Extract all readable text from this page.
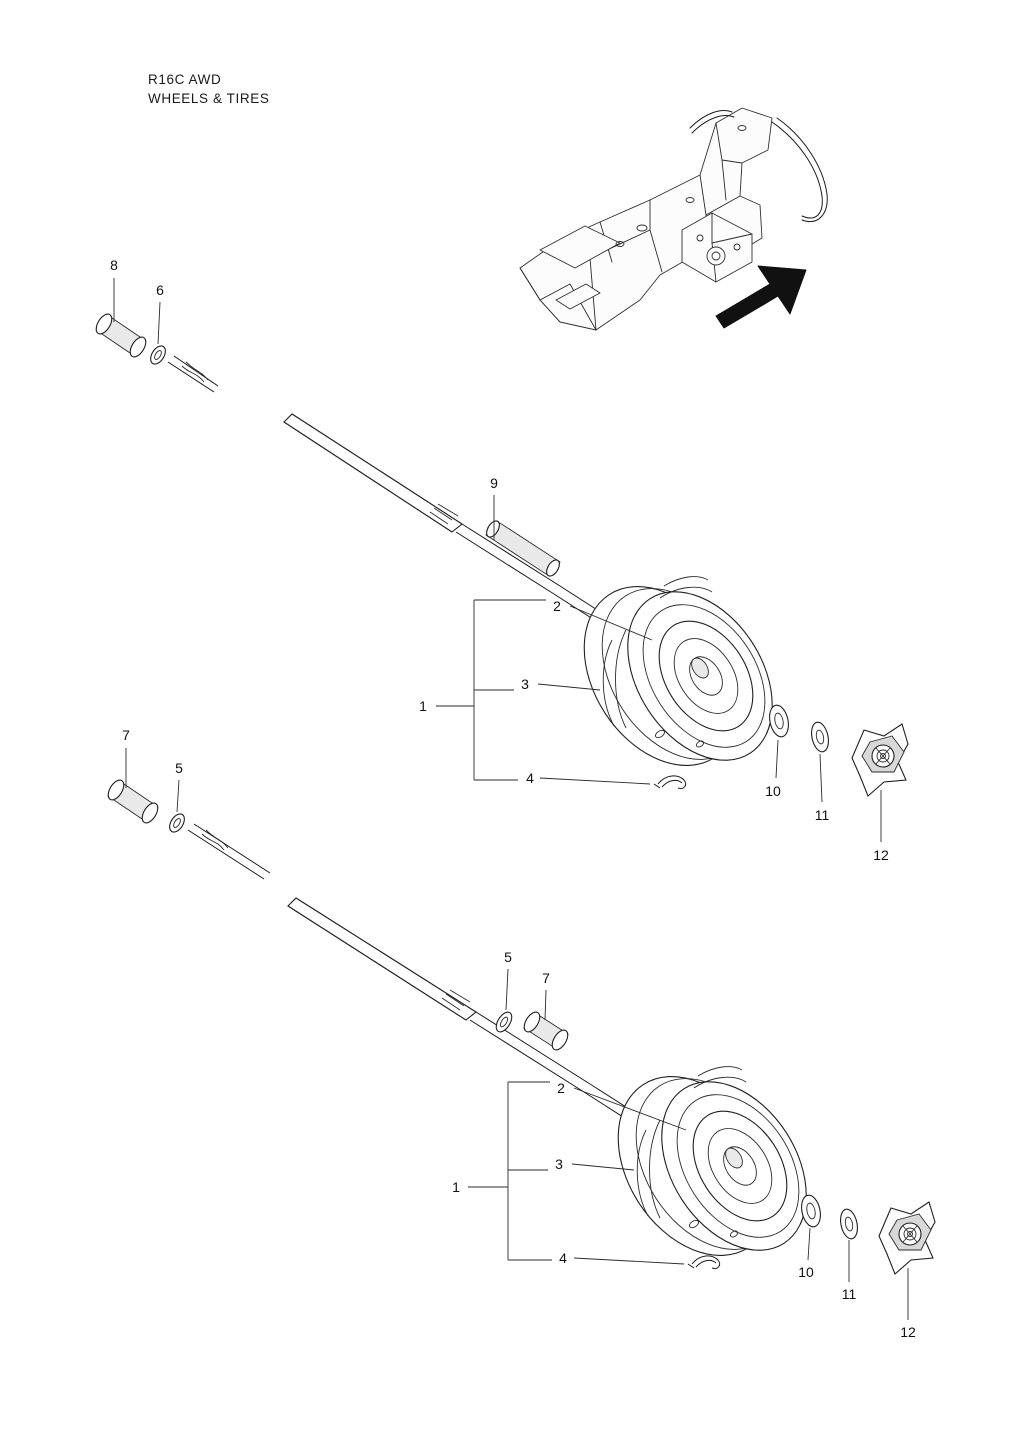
R16C AWD
WHEELS & TIRES
8
6
9
2
3
1
4
10
11
12
7
5
5
7
2
3
1
4
10
11
12
